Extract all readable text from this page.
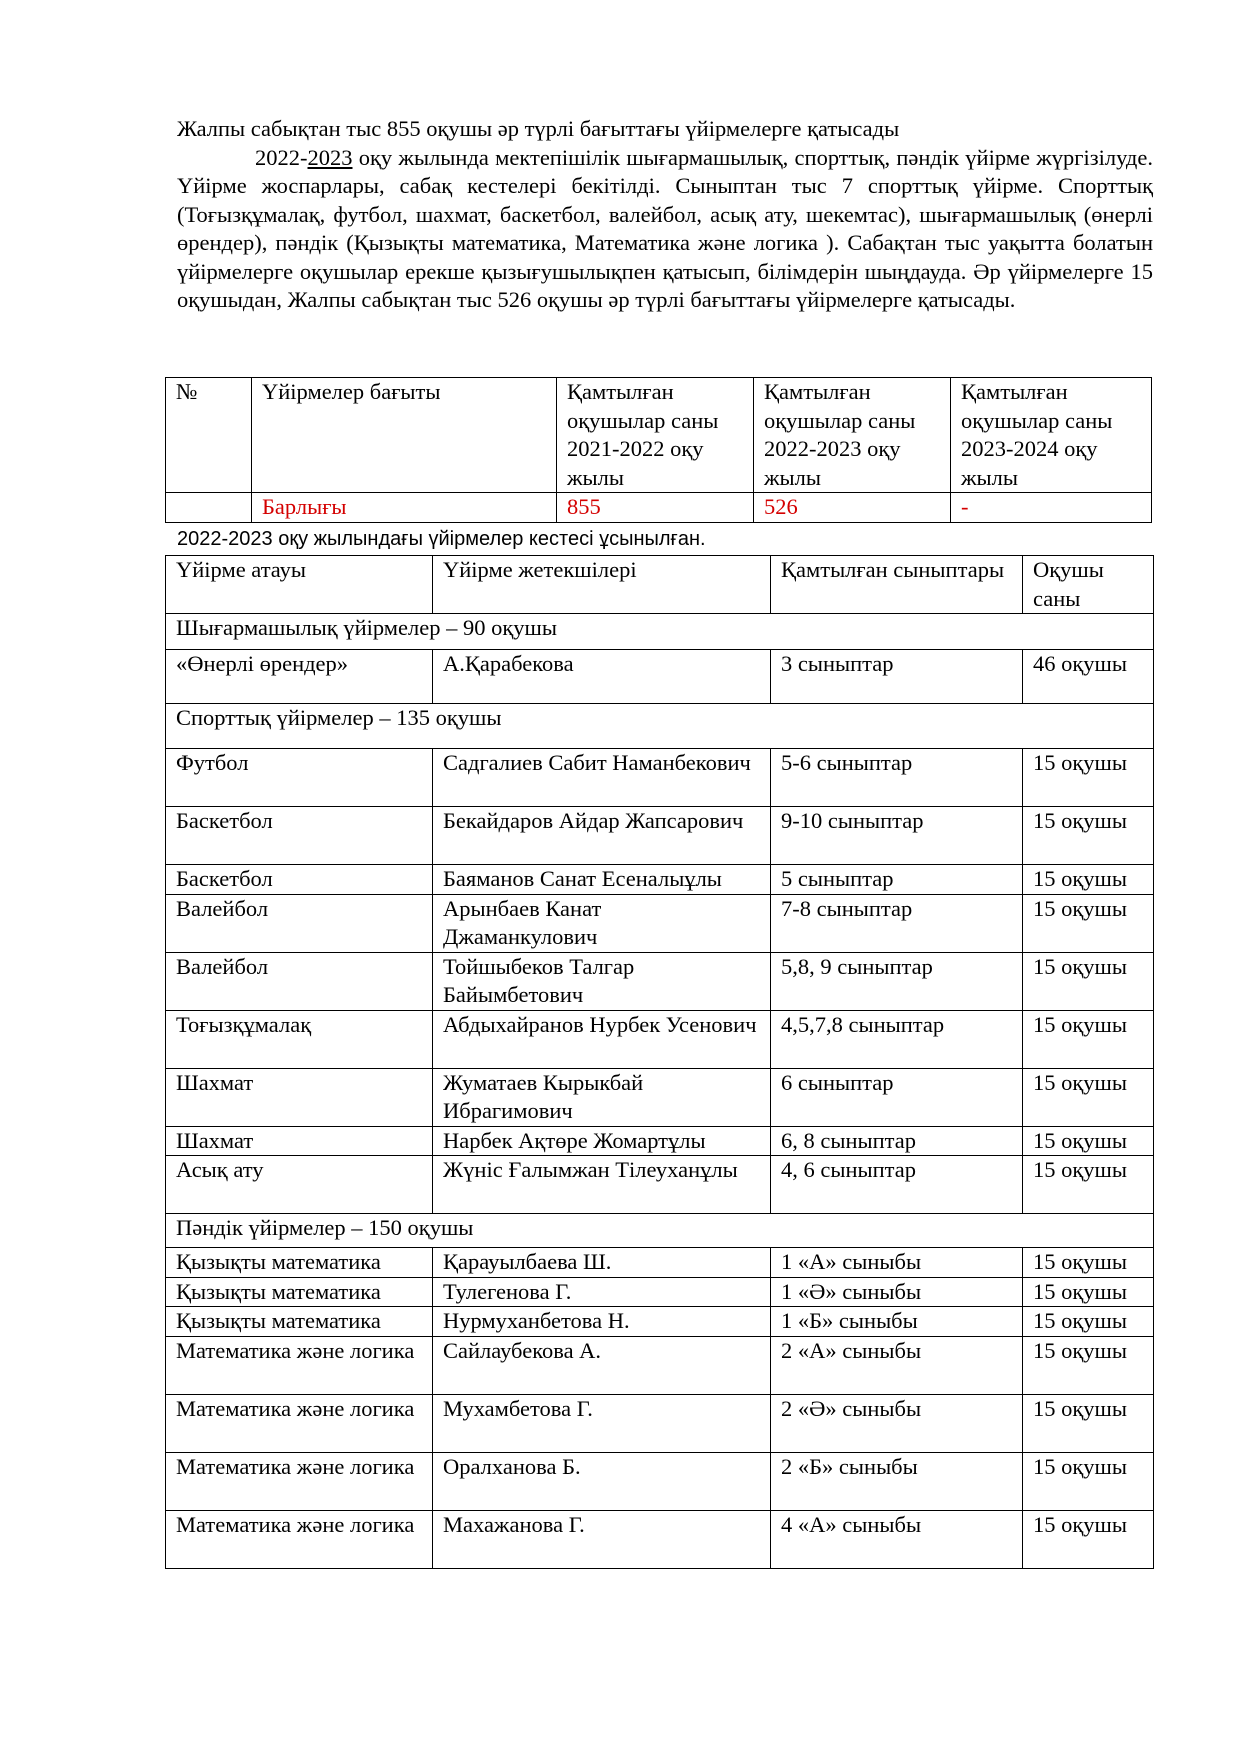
Жалпы сабықтан тыс 855 оқушы әр түрлі бағыттағы үйірмелерге қатысады

2022-2023 оқу жылында мектепішілік шығармашылық, спорттық, пәндік үйірме жүргізілуде. Үйірме жоспарлары, сабақ кестелері бекітілді. Сыныптан тыс 7 спорттық үйірме. Спорттық (Тоғызқұмалақ, футбол, шахмат, баскетбол, валейбол, асық ату, шекемтас), шығармашылық (өнерлі өрендер), пәндік (Қызықты математика, Математика және логика ). Сабақтан тыс уақытта болатын үйірмелерге оқушылар ерекше қызығушылықпен қатысып, білімдерін шыңдауда. Әр үйірмелерге 15 оқушыдан, Жалпы сабықтан тыс 526 оқушы әр түрлі бағыттағы үйірмелерге қатысады.

№	Үйірмелер бағыты	Қамтылған оқушылар саны 2021-2022 оқу жылы	Қамтылған оқушылар саны 2022-2023 оқу жылы	Қамтылған оқушылар саны 2023-2024 оқу жылы
	Барлығы	855	526	-
2022-2023 оқу жылындағы үйірмелер кестесі ұсынылған.
Үйірме атауы	Үйірме жетекшілері	Қамтылған сыныптары	Оқушы саны
Шығармашылық үйірмелер – 90 оқушы			
«Өнерлі өрендер»	А.Қарабекова	3 сыныптар	46 оқушы
Спорттық үйірмелер – 135 оқушы			
Футбол	Садгалиев Сабит Наманбекович	5-6 сыныптар	15 оқушы
Баскетбол	Бекайдаров Айдар Жапсарович	9-10 сыныптар	15 оқушы
Баскетбол	Баяманов Санат Есеналыұлы	5 сыныптар	15 оқушы
Валейбол	Арынбаев Канат Джаманкулович	7-8 сыныптар	15 оқушы
Валейбол	Тойшыбеков Талгар Байымбетович	5,8, 9 сыныптар	15 оқушы
Тоғызқұмалақ	Абдыхайранов Нурбек Усенович	4,5,7,8 сыныптар	15 оқушы
Шахмат	Жуматаев Кырыкбай Ибрагимович	6 сыныптар	15 оқушы
Шахмат	Нарбек Ақтөре Жомартұлы	6, 8 сыныптар	15 оқушы
Асық ату	Жүніс Ғалымжан Тілеуханұлы	4, 6 сыныптар	15 оқушы
Пәндік үйірмелер – 150 оқушы			
Қызықты математика	Қарауылбаева Ш.	1 «А» сыныбы	15 оқушы
Қызықты математика	Тулегенова Г.	1 «Ә» сыныбы	15 оқушы
Қызықты математика	Нурмуханбетова Н.	1 «Б» сыныбы	15 оқушы
Математика және логика	Сайлаубекова А.	2 «А» сыныбы	15 оқушы
Математика және логика	Мухамбетова Г.	2 «Ә» сыныбы	15 оқушы
Математика және логика	Оралханова Б.	2 «Б» сыныбы	15 оқушы
Математика және логика	Махажанова Г.	4 «А» сыныбы	15 оқушы
